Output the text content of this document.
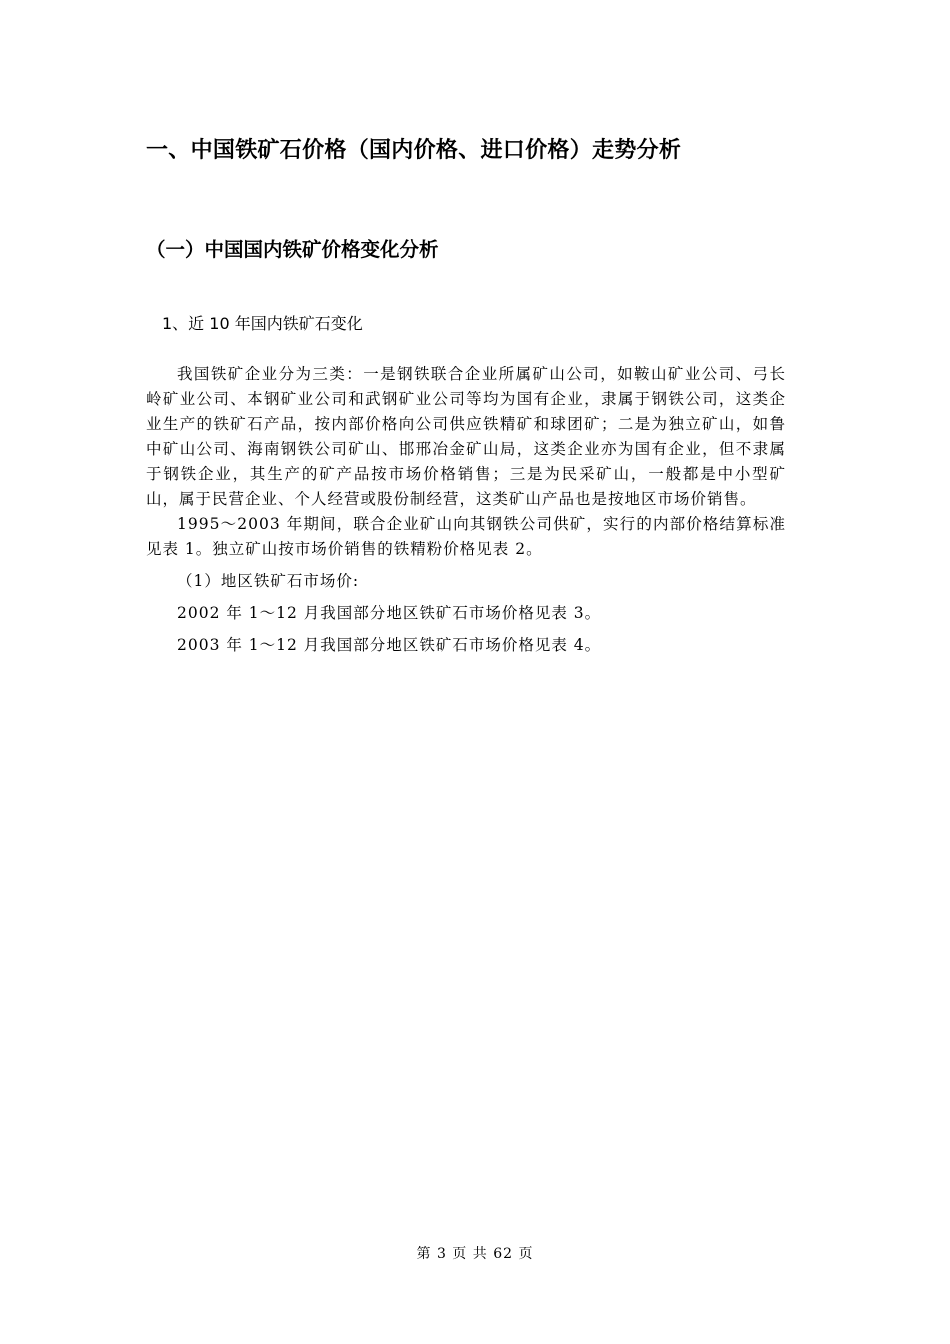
一、中国铁矿石价格（国内价格、进口价格）走势分析
（一）中国国内铁矿价格变化分析
1、近 10 年国内铁矿石变化

我国铁矿企业分为三类：一是钢铁联合企业所属矿山公司，如鞍山矿业公司、弓长岭矿业公司、本钢矿业公司和武钢矿业公司等均为国有企业，隶属于钢铁公司，这类企业生产的铁矿石产品，按内部价格向公司供应铁精矿和球团矿；二是为独立矿山，如鲁中矿山公司、海南钢铁公司矿山、邯邢冶金矿山局，这类企业亦为国有企业，但不隶属于钢铁企业，其生产的矿产品按市场价格销售；三是为民采矿山，一般都是中小型矿山，属于民营企业、个人经营或股份制经营，这类矿山产品也是按地区市场价销售。

1995～2003 年期间，联合企业矿山向其钢铁公司供矿，实行的内部价格结算标准见表 1。独立矿山按市场价销售的铁精粉价格见表 2。

（1）地区铁矿石市场价:

2002 年 1～12 月我国部分地区铁矿石市场价格见表 3。

2003 年 1～12 月我国部分地区铁矿石市场价格见表 4。

第 3 页 共 62 页
